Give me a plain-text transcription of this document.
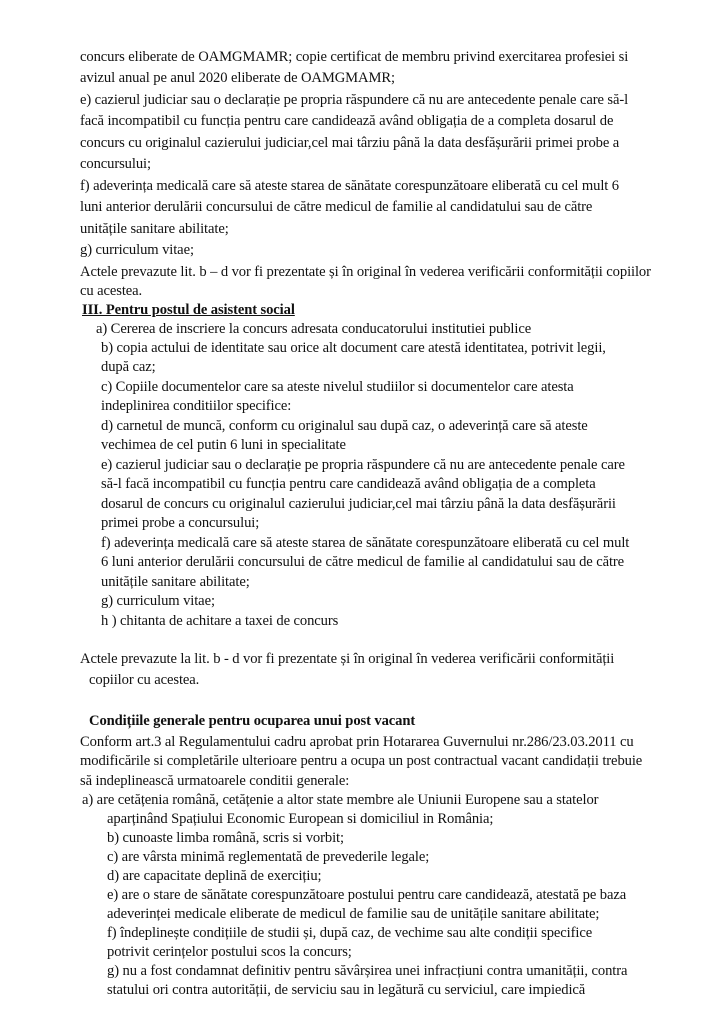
concurs eliberate de OAMGMAMR; copie certificat de membru privind exercitarea profesiei si
avizul anual pe anul 2020 eliberate de OAMGMAMR;
e) cazierul judiciar sau o declarație pe propria răspundere că nu are antecedente penale care să-l
facă incompatibil cu funcția pentru care candidează având obligația de a completa dosarul de
concurs cu originalul cazierului judiciar,cel mai târziu până la data desfășurării primei probe a
concursului;
f) adeverința medicală care să ateste starea de sănătate corespunzătoare eliberată cu cel mult 6
luni anterior derulării concursului de către medicul de familie al candidatului sau de către
unitățile sanitare abilitate;
g) curriculum vitae;
Actele prevazute lit. b – d vor fi prezentate și în original în vederea verificării conformității copiilor
cu acestea.
III. Pentru postul de asistent social
a) Cererea de inscriere la concurs adresata conducatorului institutiei publice
b) copia actului de identitate sau orice alt document care atestă identitatea, potrivit legii,
după caz;
c) Copiile documentelor care sa ateste nivelul studiilor si documentelor care atesta
indeplinirea conditiilor specifice:
d) carnetul de muncă, conform cu originalul sau după caz, o adeverință care să ateste
vechimea de cel putin 6 luni in specialitate
e) cazierul judiciar sau o declarație pe propria răspundere că nu are antecedente penale care
să-l facă incompatibil cu funcția pentru care candidează având obligația de a completa
dosarul de concurs cu originalul cazierului judiciar,cel mai târziu până la data desfășurării
primei probe a concursului;
f) adeverința medicală care să ateste starea de sănătate corespunzătoare eliberată cu cel mult
6 luni anterior derulării concursului de către medicul de familie al candidatului sau de către
unitățile sanitare abilitate;
g) curriculum vitae;
h ) chitanta de achitare a taxei de concurs
Actele prevazute la lit. b - d vor fi prezentate și în original în vederea verificării conformității
copiilor cu acestea.
Condițiile generale pentru ocuparea unui post vacant
Conform art.3 al Regulamentului cadru aprobat prin Hotararea Guvernului nr.286/23.03.2011 cu
modificările si completările ulterioare pentru a ocupa un post contractual vacant candidații trebuie
să indeplinească urmatoarele conditii generale:
a) are cetățenia română, cetățenie a altor state membre ale Uniunii Europene sau a statelor
aparținând Spațiului Economic European si domiciliul in România;
b) cunoaste limba română, scris si vorbit;
c) are vârsta minimă reglementată de prevederile legale;
d) are capacitate deplină de exercițiu;
e) are o stare de sănătate corespunzătoare postului pentru care candidează, atestată pe baza
adeverinței medicale eliberate de medicul de familie sau de unitățile sanitare abilitate;
f) îndeplinește condițiile de studii și, după caz, de vechime sau alte condiții specifice
potrivit cerințelor postului scos la concurs;
g) nu a fost condamnat definitiv pentru săvârșirea unei infracțiuni contra umanității, contra
statului ori contra autorității, de serviciu sau in legătură cu serviciul, care impiedică
